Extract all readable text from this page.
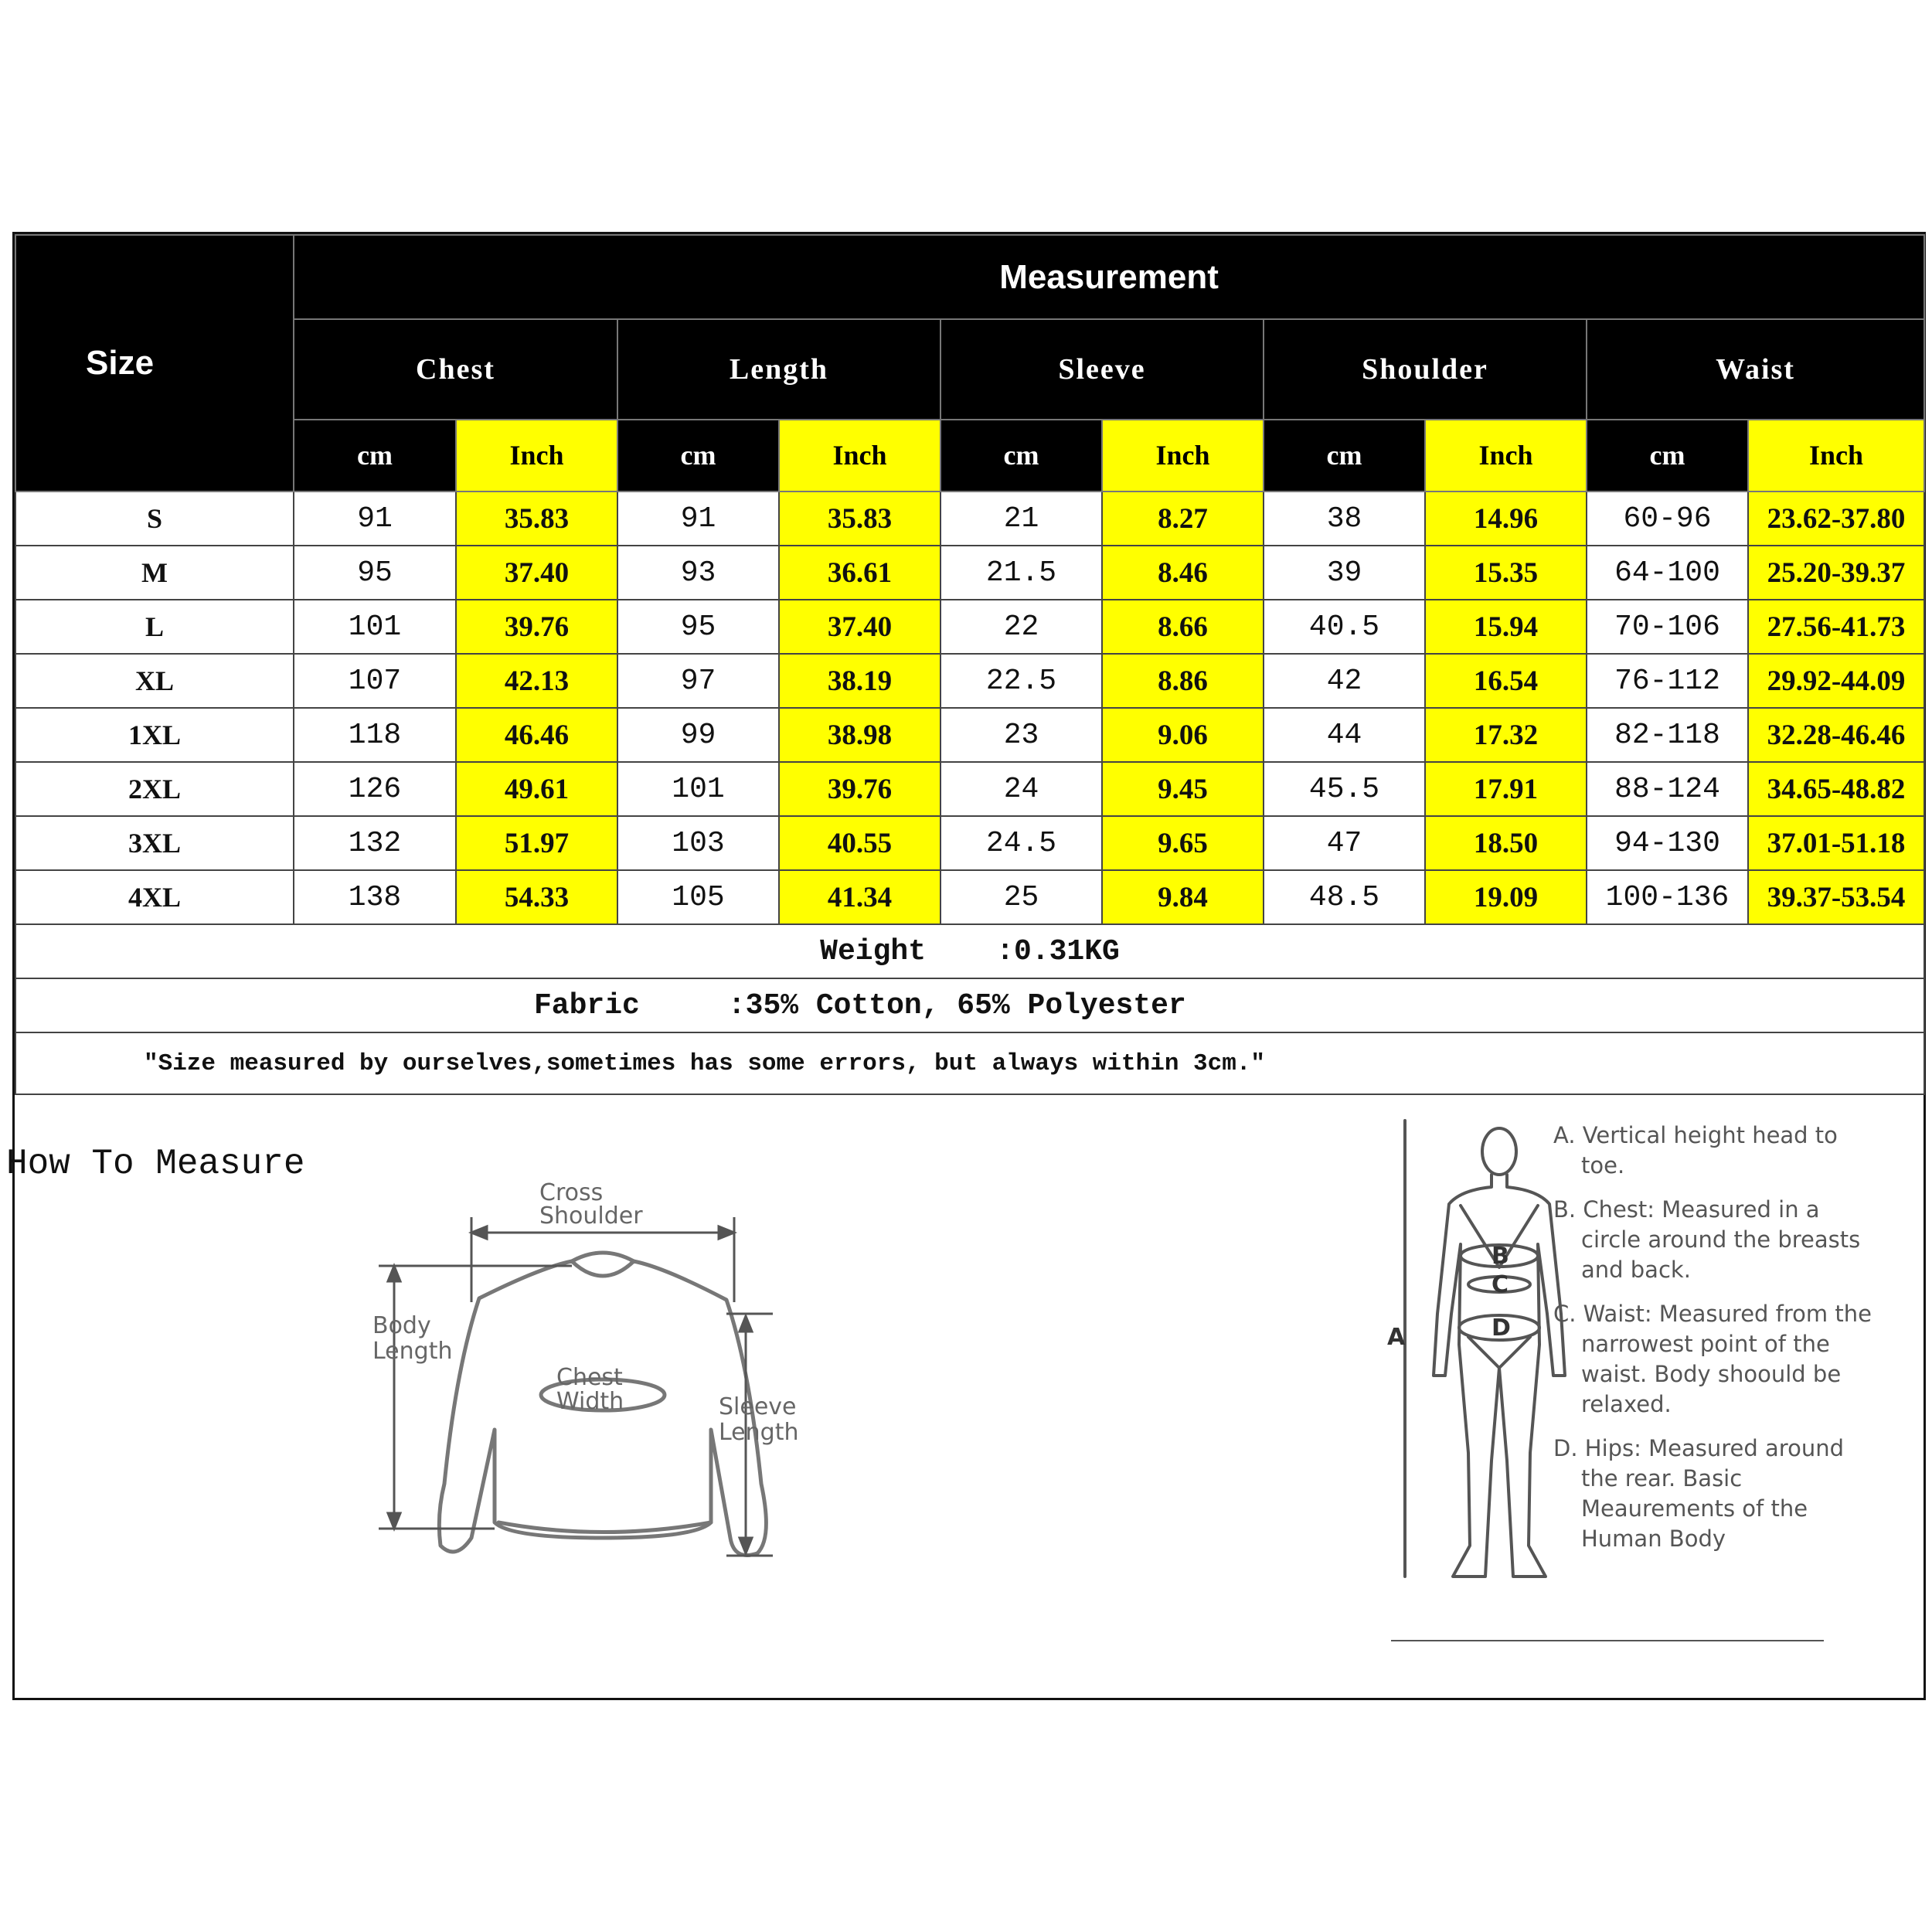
Size	Measurement									
	Chest		Length		Sleeve		Shoulder		Waist	
	cm	Inch	cm	Inch	cm	Inch	cm	Inch	cm	Inch
S	91	35.83	91	35.83	21	8.27	38	14.96	60-96	23.62-37.80
M	95	37.40	93	36.61	21.5	8.46	39	15.35	64-100	25.20-39.37
L	101	39.76	95	37.40	22	8.66	40.5	15.94	70-106	27.56-41.73
XL	107	42.13	97	38.19	22.5	8.86	42	16.54	76-112	29.92-44.09
1XL	118	46.46	99	38.98	23	9.06	44	17.32	82-118	32.28-46.46
2XL	126	49.61	101	39.76	24	9.45	45.5	17.91	88-124	34.65-48.82
3XL	132	51.97	103	40.55	24.5	9.65	47	18.50	94-130	37.01-51.18
4XL	138	54.33	105	41.34	25	9.84	48.5	19.09	100-136	39.37-53.54
Weight :0.31KG										
Fabric :35% Cotton, 65% Polyester										
"Size measured by ourselves,sometimes has some errors, but always within 3cm."										
How To Measure
Cross
Shoulder
Body
Length
Chest
Width	Sleeve
Length
B
C
D
A

A. Vertical height head to toe.

B. Chest: Measured in a circle around the breasts and back.

C. Waist: Measured from the narrowest point of the waist. Body shoould be relaxed.

D. Hips: Measured around the rear. Basic Meaurements of the Human Body
